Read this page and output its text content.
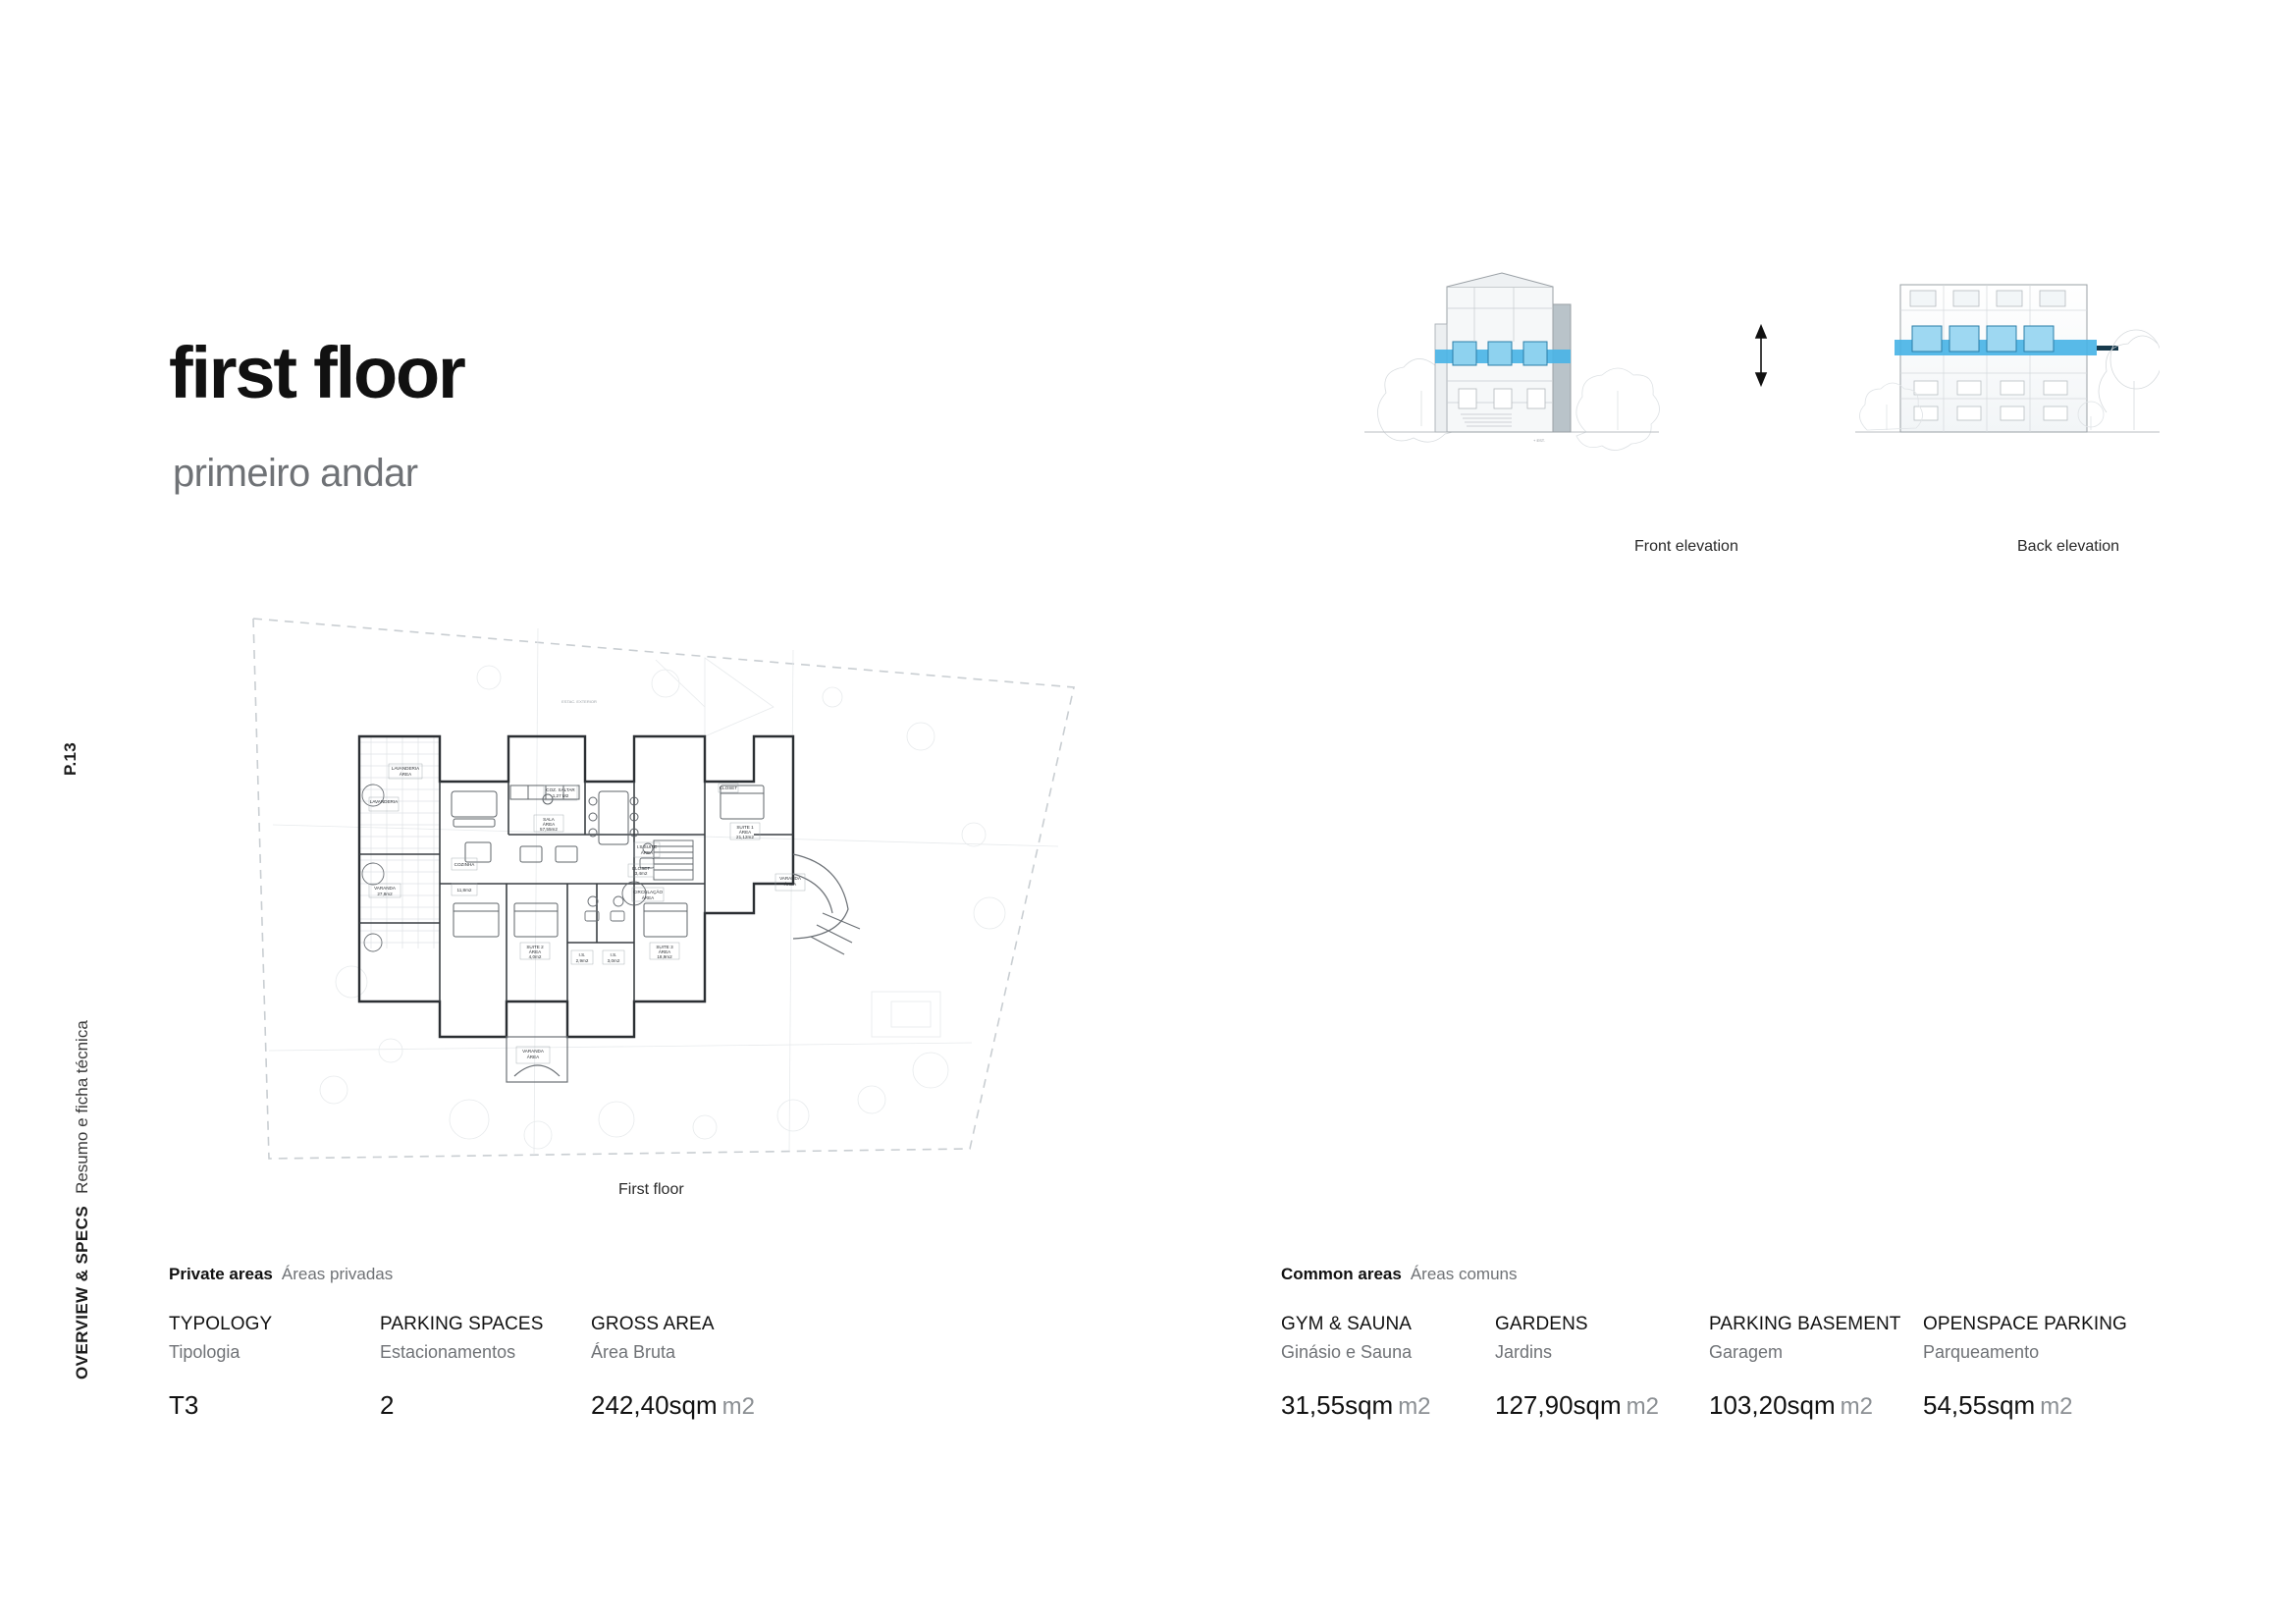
P.13
OVERVIEW & SPECSResumo e ficha técnica
first floor
primeiro andar
+ EST.
Front elevation	Back elevation
LAVANDERIA
ÁREA
COZ. SALTAR
1,27 M2
SALA
ÁREA
57,55m2	SUITE 1
ÁREA
21,12m2
I.S.SUITE
ÁREA
CLOSET
3,4m2
CIRCULAÇÃO
ÁREA
VARANDA
27,8m2
SUITE 2
ÁREA
4,0m2	I.S.
2,9m2
I.S.
3,0m2
SUITE 3
ÁREA
18,9m2
VARANDA
ÁREA
VARANDA
ÁREA
LAVANDERIA
COZINHA
11,8m2
CLOSET
ESTAC. EXTERIOR
First floor
Private areas Áreas privadas
TYPOLOGY
Tipologia
T3
PARKING SPACES
Estacionamentos
2
GROSS AREA
Área Bruta
242,40sqm m2
Common areas Áreas comuns
GYM & SAUNA
Ginásio e Sauna
31,55sqm m2
GARDENS
Jardins
127,90sqm m2
PARKING BASEMENT
Garagem
103,20sqm m2
OPENSPACE PARKING
Parqueamento
54,55sqm m2
